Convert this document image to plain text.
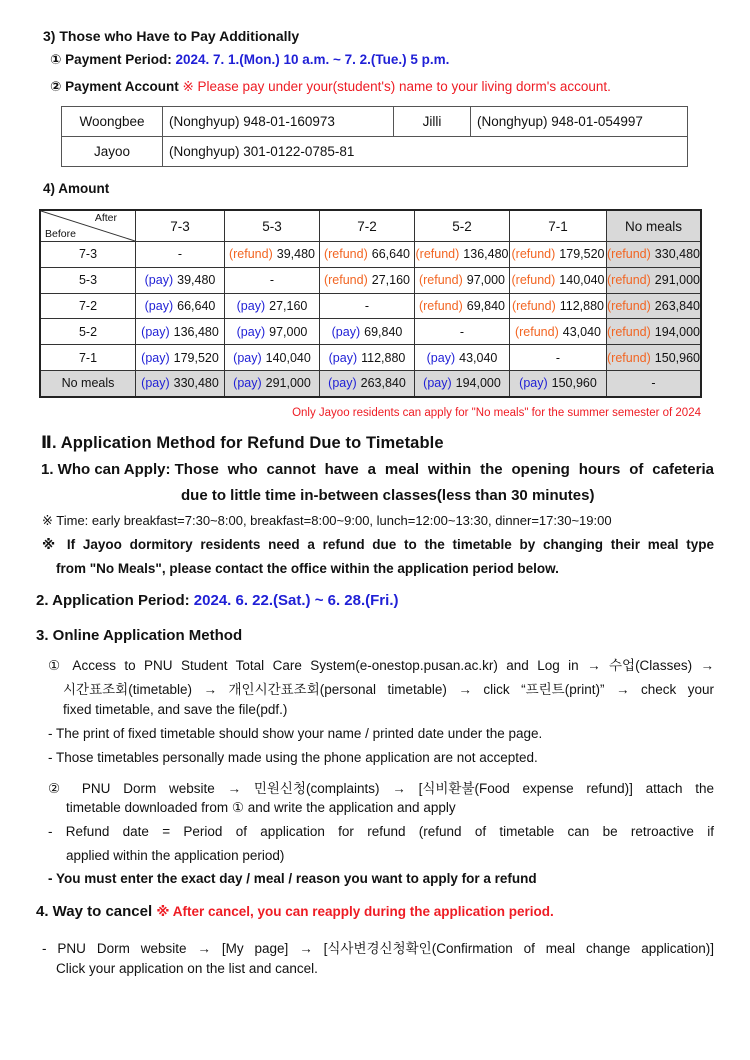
3) Those who Have to Pay Additionally
① Payment Period: 2024. 7. 1.(Mon.) 10 a.m. ~ 7. 2.(Tue.) 5 p.m.
② Payment Account ※ Please pay under your(student's) name to your living dorm's account.
Woongbee	(Nonghyup) 948-01-160973	Jilli	(Nonghyup) 948-01-054997
Jayoo	(Nonghyup) 301-0122-0785-81		
4) Amount
After
Before	7-3	5-3	7-2	5-2	7-1	No meals
7-3	-	(refund) 39,480	(refund) 66,640	(refund) 136,480	(refund) 179,520	(refund) 330,480
5-3	(pay) 39,480	-	(refund) 27,160	(refund) 97,000	(refund) 140,040	(refund) 291,000
7-2	(pay) 66,640	(pay) 27,160	-	(refund) 69,840	(refund) 112,880	(refund) 263,840
5-2	(pay) 136,480	(pay) 97,000	(pay) 69,840	-	(refund) 43,040	(refund) 194,000
7-1	(pay) 179,520	(pay) 140,040	(pay) 112,880	(pay) 43,040	-	(refund) 150,960
No meals	(pay) 330,480	(pay) 291,000	(pay) 263,840	(pay) 194,000	(pay) 150,960	-
Only Jayoo residents can apply for "No meals" for the summer semester of 2024
Ⅱ. Application Method for Refund Due to Timetable
1. Who can Apply: Those who cannot have a meal within the opening hours of cafeteria
due to little time in-between classes(less than 30 minutes)
※ Time: early breakfast=7:30~8:00, breakfast=8:00~9:00, lunch=12:00~13:30, dinner=17:30~19:00
※ If Jayoo dormitory residents need a refund due to the timetable by changing their meal type
from "No Meals", please contact the office within the application period below.
2. Application Period: 2024. 6. 22.(Sat.) ~ 6. 28.(Fri.)
3. Online Application Method
① Access to PNU Student Total Care System(e-onestop.pusan.ac.kr) and Log in → 수업(Classes) →
시간표조회(timetable) → 개인시간표조회(personal timetable) → click “프린트(print)” → check your
fixed timetable, and save the file(pdf.)
- The print of fixed timetable should show your name / printed date under the page.
- Those timetables personally made using the phone application are not accepted.
② PNU Dorm website → 민원신청(complaints) → [식비환불(Food expense refund)] attach the
timetable downloaded from ① and write the application and apply
- Refund date = Period of application for refund (refund of timetable can be retroactive if
applied within the application period)
- You must enter the exact day / meal / reason you want to apply for a refund
4. Way to cancel ※ After cancel, you can reapply during the application period.
- PNU Dorm website → [My page] → [식사변경신청확인(Confirmation of meal change application)]
Click your application on the list and cancel.
